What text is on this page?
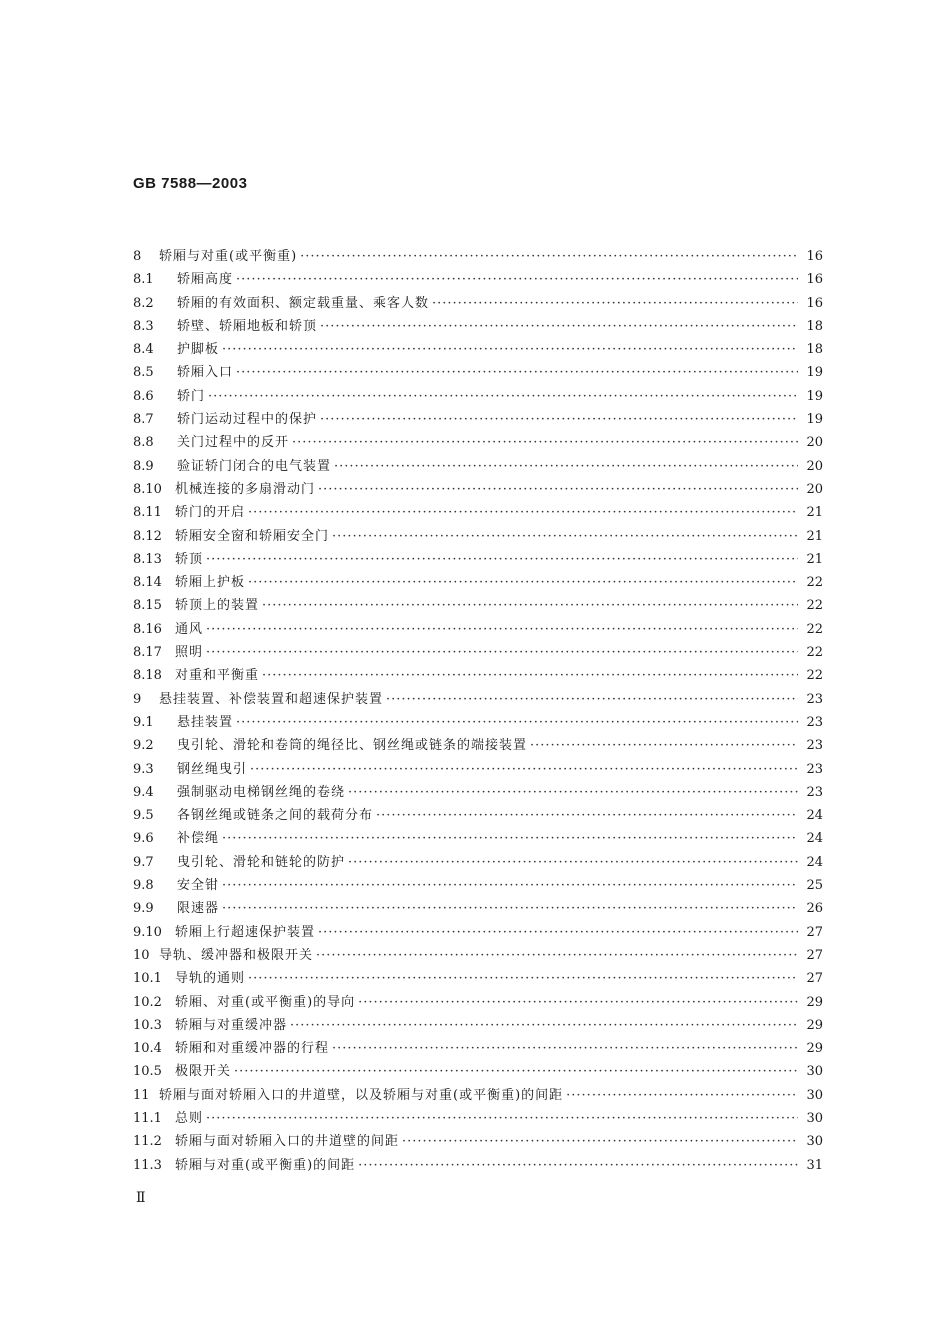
GB 7588—2003
8	轿厢与对重(或平衡重) ·····	16
8.1	轿厢高度 ·····	16
8.2	轿厢的有效面积、额定载重量、乘客人数 ·····	16
8.3	轿壁、轿厢地板和轿顶 ·····	18
8.4	护脚板 ·····	18
8.5	轿厢入口 ·····	19
8.6	轿门 ·····	19
8.7	轿门运动过程中的保护 ·····	19
8.8	关门过程中的反开 ·····	20
8.9	验证轿门闭合的电气装置 ·····	20
8.10	机械连接的多扇滑动门 ·····	20
8.11	轿门的开启 ·····	21
8.12	轿厢安全窗和轿厢安全门 ·····	21
8.13	轿顶 ·····	21
8.14	轿厢上护板 ·····	22
8.15	轿顶上的装置 ·····	22
8.16	通风 ·····	22
8.17	照明 ·····	22
8.18	对重和平衡重 ·····	22
9	悬挂装置、补偿装置和超速保护装置 ·····	23
9.1	悬挂装置 ·····	23
9.2	曳引轮、滑轮和卷筒的绳径比、钢丝绳或链条的端接装置 ·····	23
9.3	钢丝绳曳引 ·····	23
9.4	强制驱动电梯钢丝绳的卷绕 ·····	23
9.5	各钢丝绳或链条之间的载荷分布 ·····	24
9.6	补偿绳 ·····	24
9.7	曳引轮、滑轮和链轮的防护 ·····	24
9.8	安全钳 ·····	25
9.9	限速器 ·····	26
9.10	轿厢上行超速保护装置 ·····	27
10 导轨、缓冲器和极限开关 ·····	27
10.1	导轨的通则 ·····	27
10.2	轿厢、对重(或平衡重)的导向 ·····	29
10.3	轿厢与对重缓冲器 ·····	29
10.4	轿厢和对重缓冲器的行程 ·····	29
10.5	极限开关 ·····	30
11 轿厢与面对轿厢入口的井道壁，以及轿厢与对重(或平衡重)的间距 ·····	30
11.1	总则 ·····	30
11.2	轿厢与面对轿厢入口的井道壁的间距 ·····	30
11.3	轿厢与对重(或平衡重)的间距 ·····	31
Ⅱ
